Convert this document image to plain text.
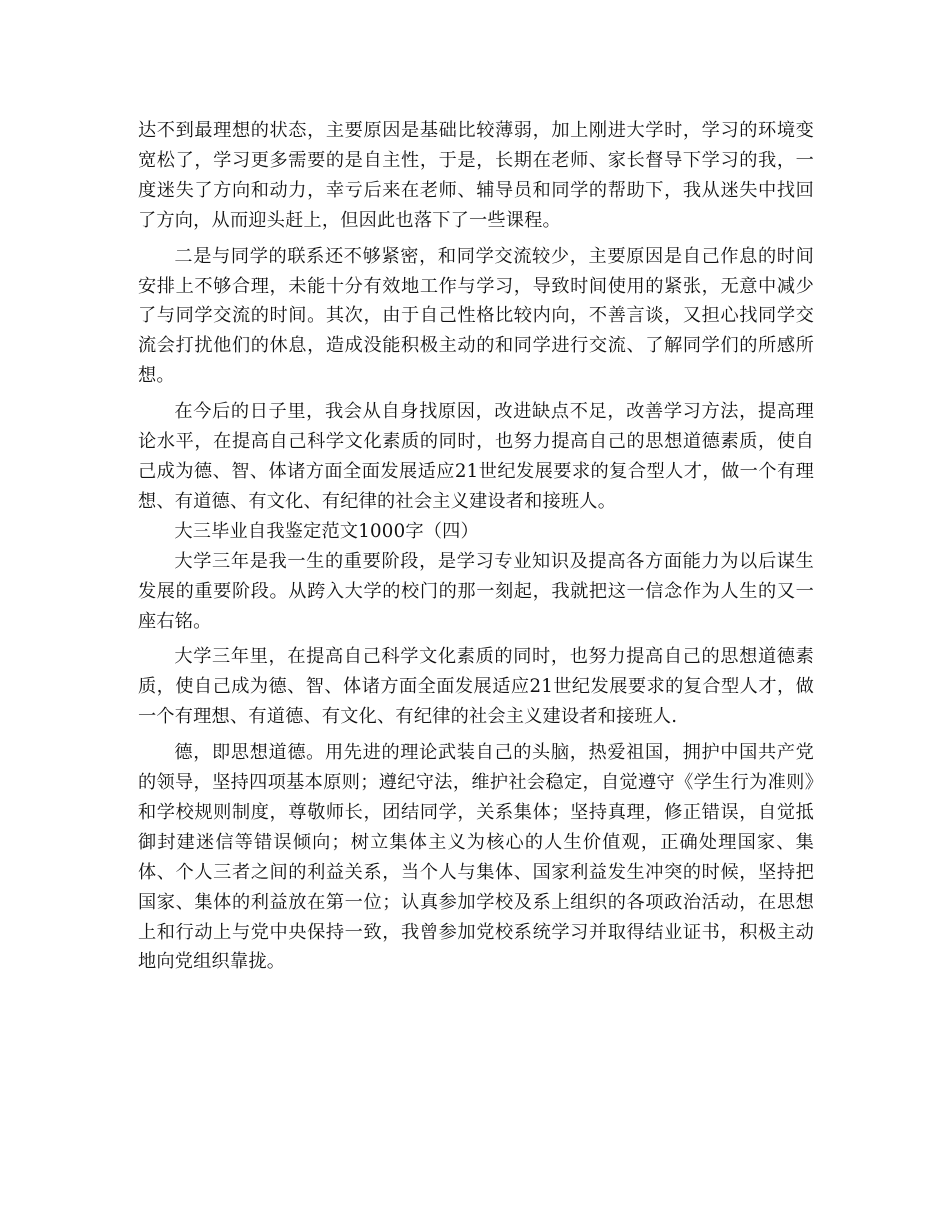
达不到最理想的状态，主要原因是基础比较薄弱，加上刚进大学时，学习的环境变宽松了，学习更多需要的是自主性，于是，长期在老师、家长督导下学习的我，一度迷失了方向和动力，幸亏后来在老师、辅导员和同学的帮助下，我从迷失中找回了方向，从而迎头赶上，但因此也落下了一些课程。

二是与同学的联系还不够紧密，和同学交流较少，主要原因是自己作息的时间安排上不够合理，未能十分有效地工作与学习，导致时间使用的紧张，无意中减少了与同学交流的时间。其次，由于自己性格比较内向，不善言谈，又担心找同学交流会打扰他们的休息，造成没能积极主动的和同学进行交流、了解同学们的所感所想。

在今后的日子里，我会从自身找原因，改进缺点不足，改善学习方法，提高理论水平，在提高自己科学文化素质的同时，也努力提高自己的思想道德素质，使自己成为德、智、体诸方面全面发展适应21世纪发展要求的复合型人才，做一个有理想、有道德、有文化、有纪律的社会主义建设者和接班人。

大三毕业自我鉴定范文1000字（四）

大学三年是我一生的重要阶段，是学习专业知识及提高各方面能力为以后谋生发展的重要阶段。从跨入大学的校门的那一刻起，我就把这一信念作为人生的又一座右铭。

大学三年里，在提高自己科学文化素质的同时，也努力提高自己的思想道德素质，使自己成为德、智、体诸方面全面发展适应21世纪发展要求的复合型人才，做一个有理想、有道德、有文化、有纪律的社会主义建设者和接班人.

德，即思想道德。用先进的理论武装自己的头脑，热爱祖国，拥护中国共产党的领导，坚持四项基本原则；遵纪守法，维护社会稳定，自觉遵守《学生行为准则》和学校规则制度，尊敬师长，团结同学，关系集体；坚持真理，修正错误，自觉抵御封建迷信等错误倾向；树立集体主义为核心的人生价值观，正确处理国家、集体、个人三者之间的利益关系，当个人与集体、国家利益发生冲突的时候，坚持把国家、集体的利益放在第一位；认真参加学校及系上组织的各项政治活动，在思想上和行动上与党中央保持一致，我曾参加党校系统学习并取得结业证书，积极主动地向党组织靠拢。
